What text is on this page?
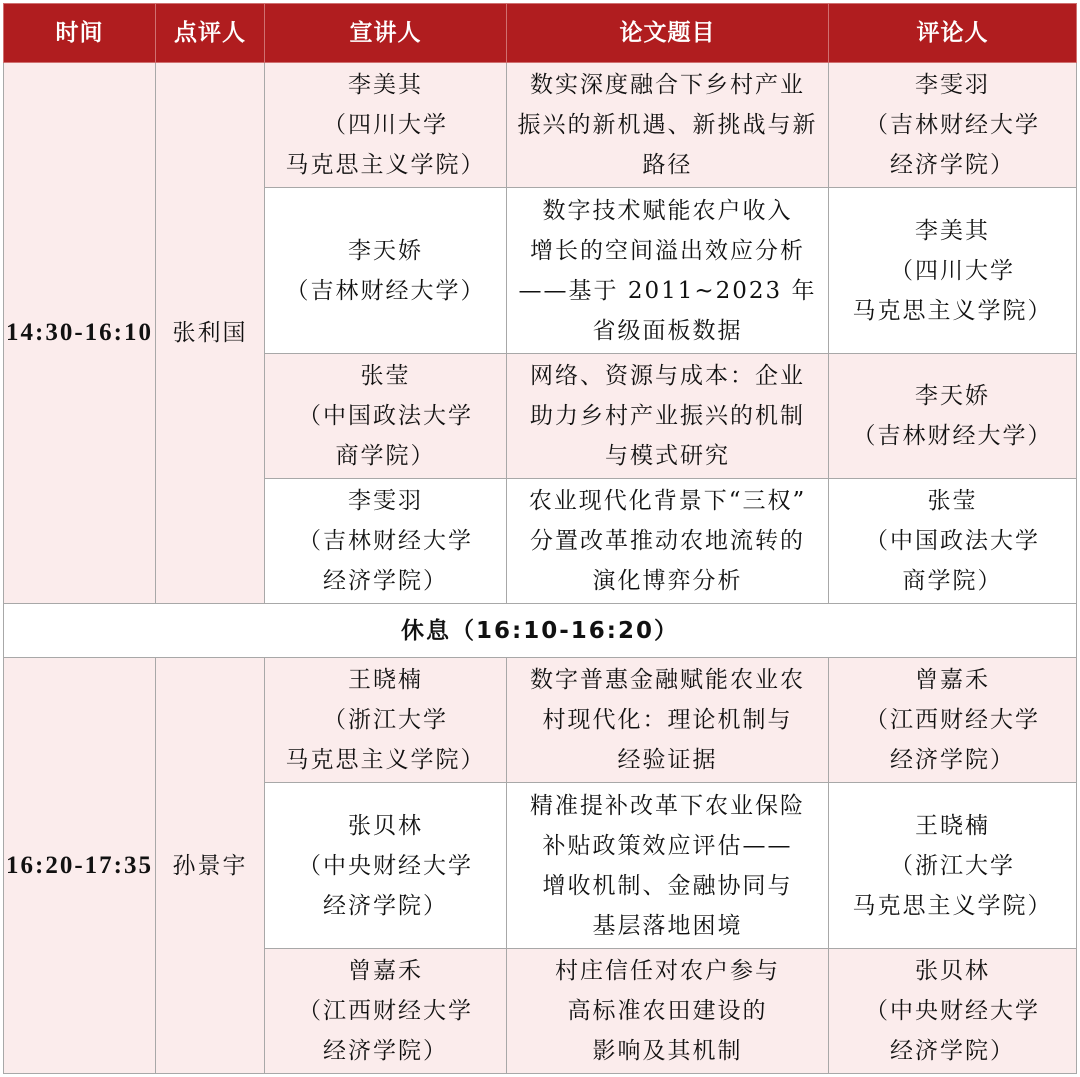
时间	点评人	宣讲人	论文题目	评论人
14:30-16:10	张利国	李美其
（四川大学
马克思主义学院）	数实深度融合下乡村产业
振兴的新机遇、新挑战与新
路径	李雯羽
（吉林财经大学
经济学院）

		李天娇
（吉林财经大学）	数字技术赋能农户收入
增长的空间溢出效应分析
——基于 2011~2023 年
省级面板数据	李美其
（四川大学
马克思主义学院）

		张莹
（中国政法大学
商学院）	网络、资源与成本：企业
助力乡村产业振兴的机制
与模式研究	李天娇
（吉林财经大学）

		李雯羽
（吉林财经大学
经济学院）	农业现代化背景下“三权”
分置改革推动农地流转的
演化博弈分析	张莹
（中国政法大学
商学院）

休息（16:10-16:20）				
16:20-17:35	孙景宇	王晓楠
（浙江大学
马克思主义学院）	数字普惠金融赋能农业农
村现代化：理论机制与
经验证据	曾嘉禾
（江西财经大学
经济学院）

		张贝林
（中央财经大学
经济学院）	精准提补改革下农业保险
补贴政策效应评估——
增收机制、金融协同与
基层落地困境	王晓楠
（浙江大学
马克思主义学院）

		曾嘉禾
（江西财经大学
经济学院）	村庄信任对农户参与
高标准农田建设的
影响及其机制	张贝林
（中央财经大学
经济学院）
